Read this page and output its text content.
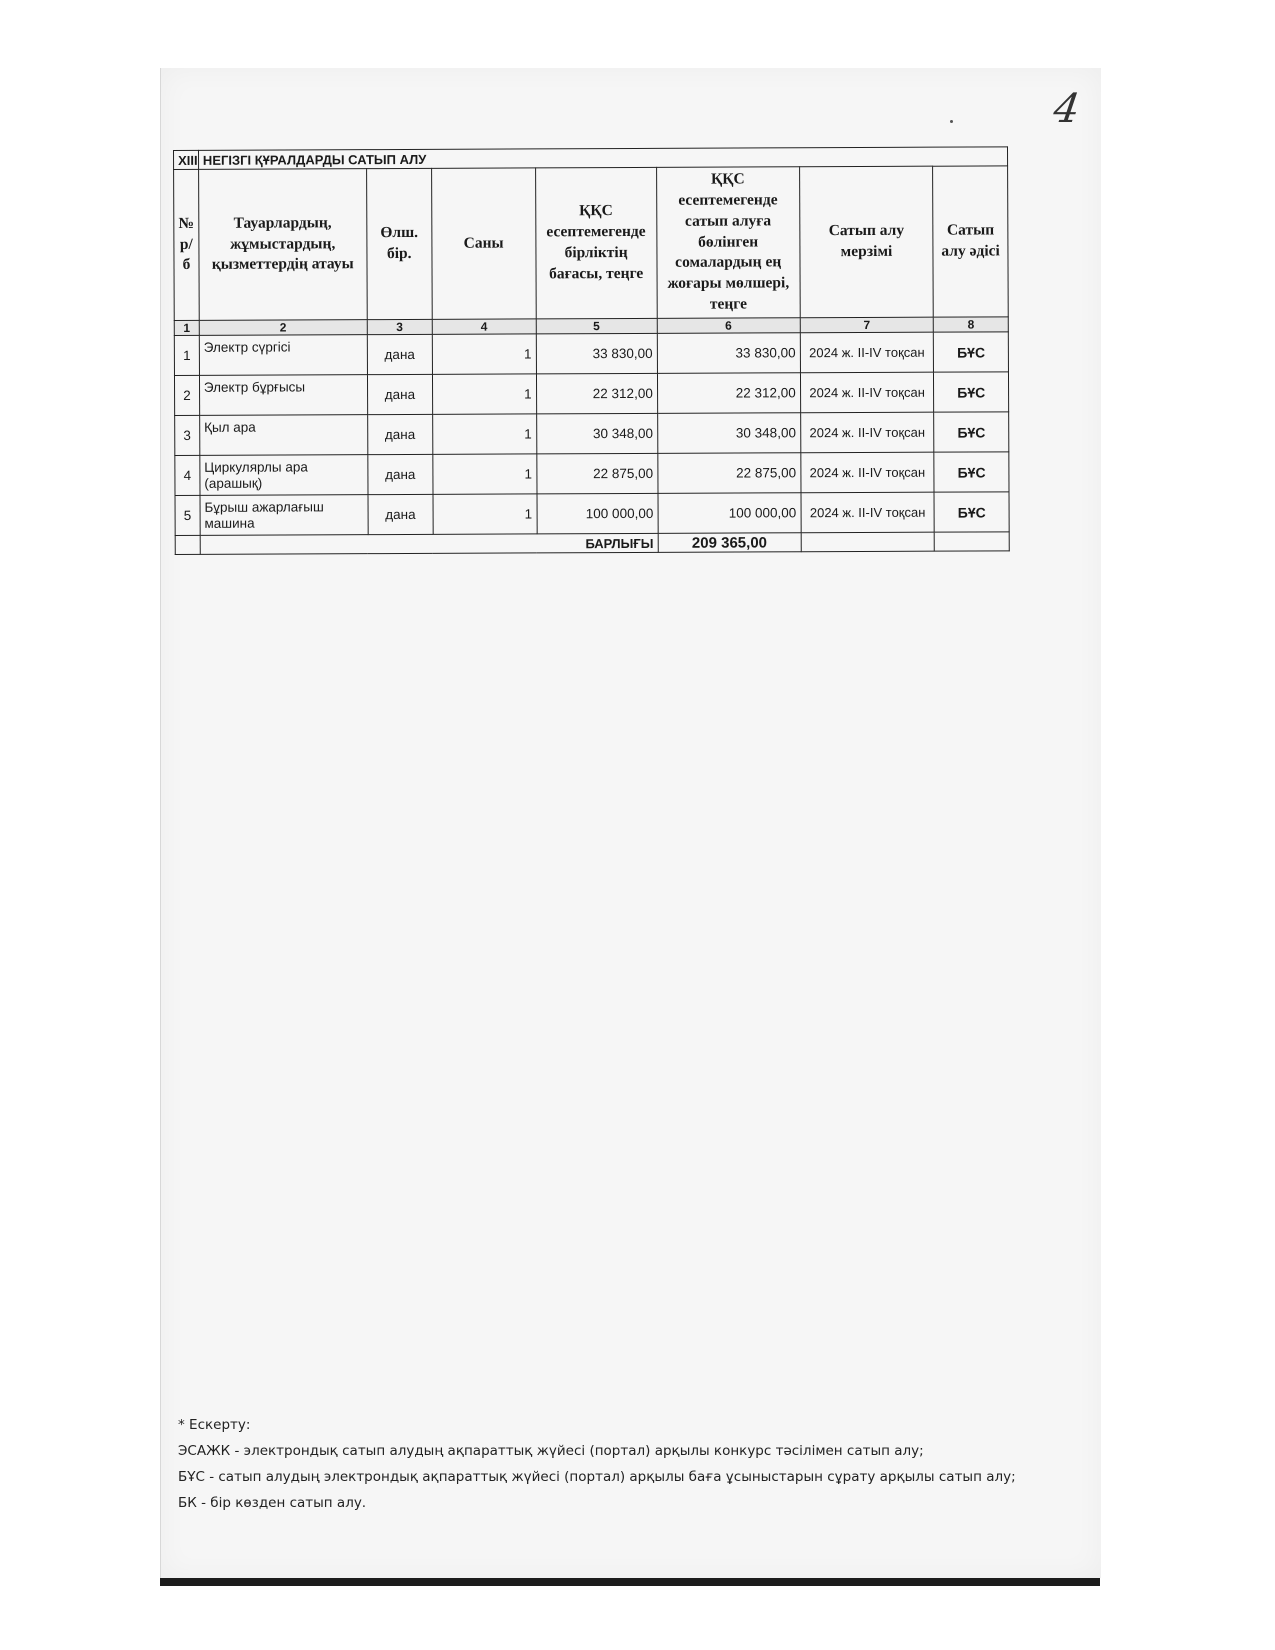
4
XIII	НЕГІЗГІ ҚҰРАЛДАРДЫ САТЫП АЛУ						
№ р/б	Тауарлардың, жұмыстардың, қызметтердің атауы	Өлш. бір.	Саны	ҚҚС есептемегенде бірліктің бағасы, теңге	ҚҚС есептемегенде сатып алуға бөлінген сомалардың ең жоғары мөлшері, теңге	Сатып алу мерзімі	Сатып алу әдісі
1	2	3	4	5	6	7	8
1	Электр сүргісі	дана	1	33 830,00	33 830,00	2024 ж. II-IV тоқсан	БҰС
2	Электр бұрғысы	дана	1	22 312,00	22 312,00	2024 ж. II-IV тоқсан	БҰС
3	Қыл ара	дана	1	30 348,00	30 348,00	2024 ж. II-IV тоқсан	БҰС
4	Циркулярлы ара (арашық)	дана	1	22 875,00	22 875,00	2024 ж. II-IV тоқсан	БҰС
5	Бұрыш ажарлағыш машина	дана	1	100 000,00	100 000,00	2024 ж. II-IV тоқсан	БҰС
	БАРЛЫҒЫ				209 365,00		
* Ескерту:
ЭСАЖК - электрондық сатып алудың ақпараттық жүйесі (портал) арқылы конкурс тәсілімен сатып алу;
БҰС - сатып алудың электрондық ақпараттық жүйесі (портал) арқылы баға ұсыныстарын сұрату арқылы сатып алу;
БК - бір көзден сатып алу.
